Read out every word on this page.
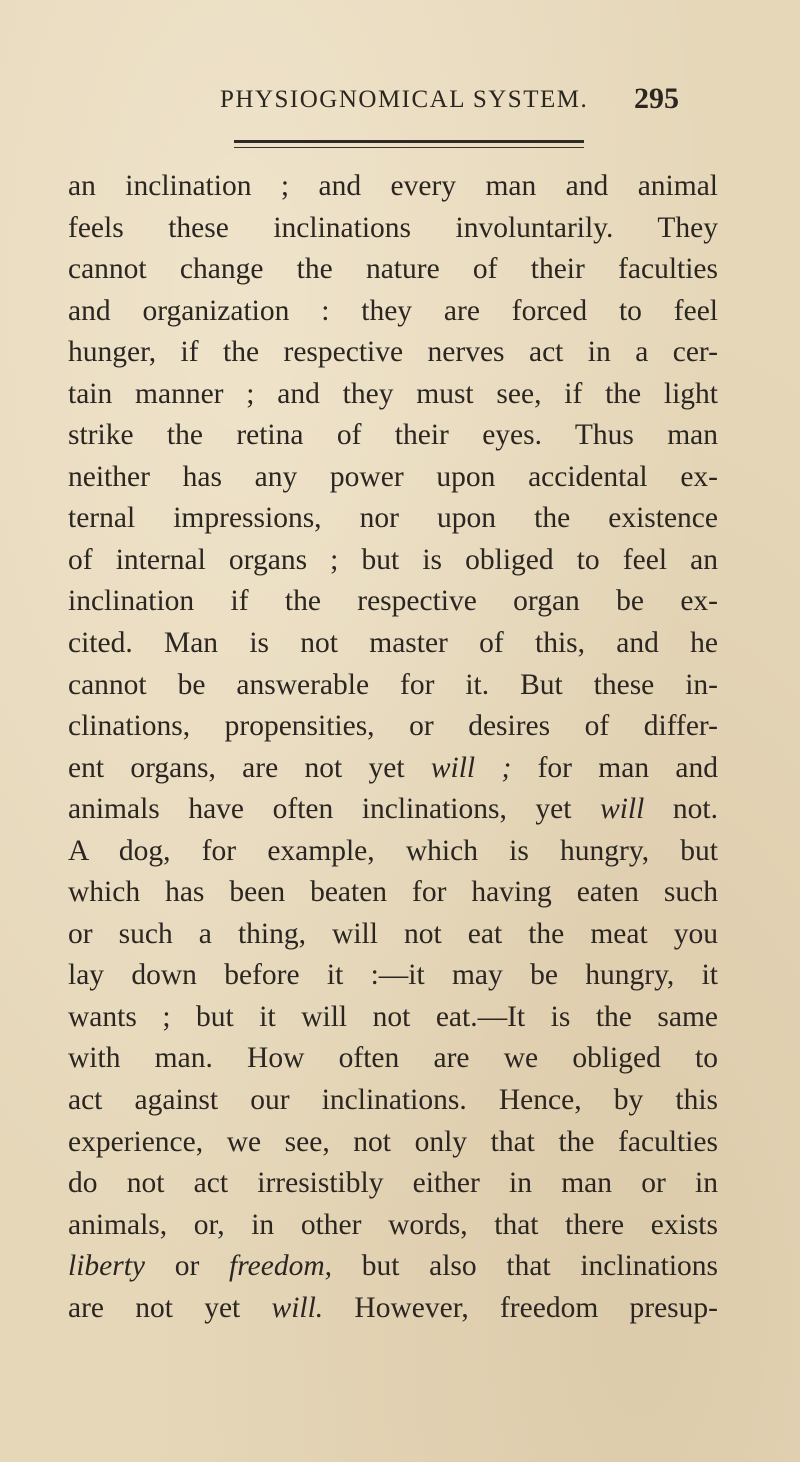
PHYSIOGNOMICAL SYSTEM. 295
an inclination ; and every man and animal
feels these inclinations involuntarily. They
cannot change the nature of their faculties
and organization : they are forced to feel
hunger, if the respective nerves act in a cer-
tain manner ; and they must see, if the light
strike the retina of their eyes. Thus man
neither has any power upon accidental ex-
ternal impressions, nor upon the existence
of internal organs ; but is obliged to feel an
inclination if the respective organ be ex-
cited. Man is not master of this, and he
cannot be answerable for it. But these in-
clinations, propensities, or desires of differ-
ent organs, are not yet will ; for man and
animals have often inclinations, yet will not.
A dog, for example, which is hungry, but
which has been beaten for having eaten such
or such a thing, will not eat the meat you
lay down before it :—it may be hungry, it
wants ; but it will not eat.—It is the same
with man. How often are we obliged to
act against our inclinations. Hence, by this
experience, we see, not only that the faculties
do not act irresistibly either in man or in
animals, or, in other words, that there exists
liberty or freedom, but also that inclinations
are not yet will. However, freedom presup-
